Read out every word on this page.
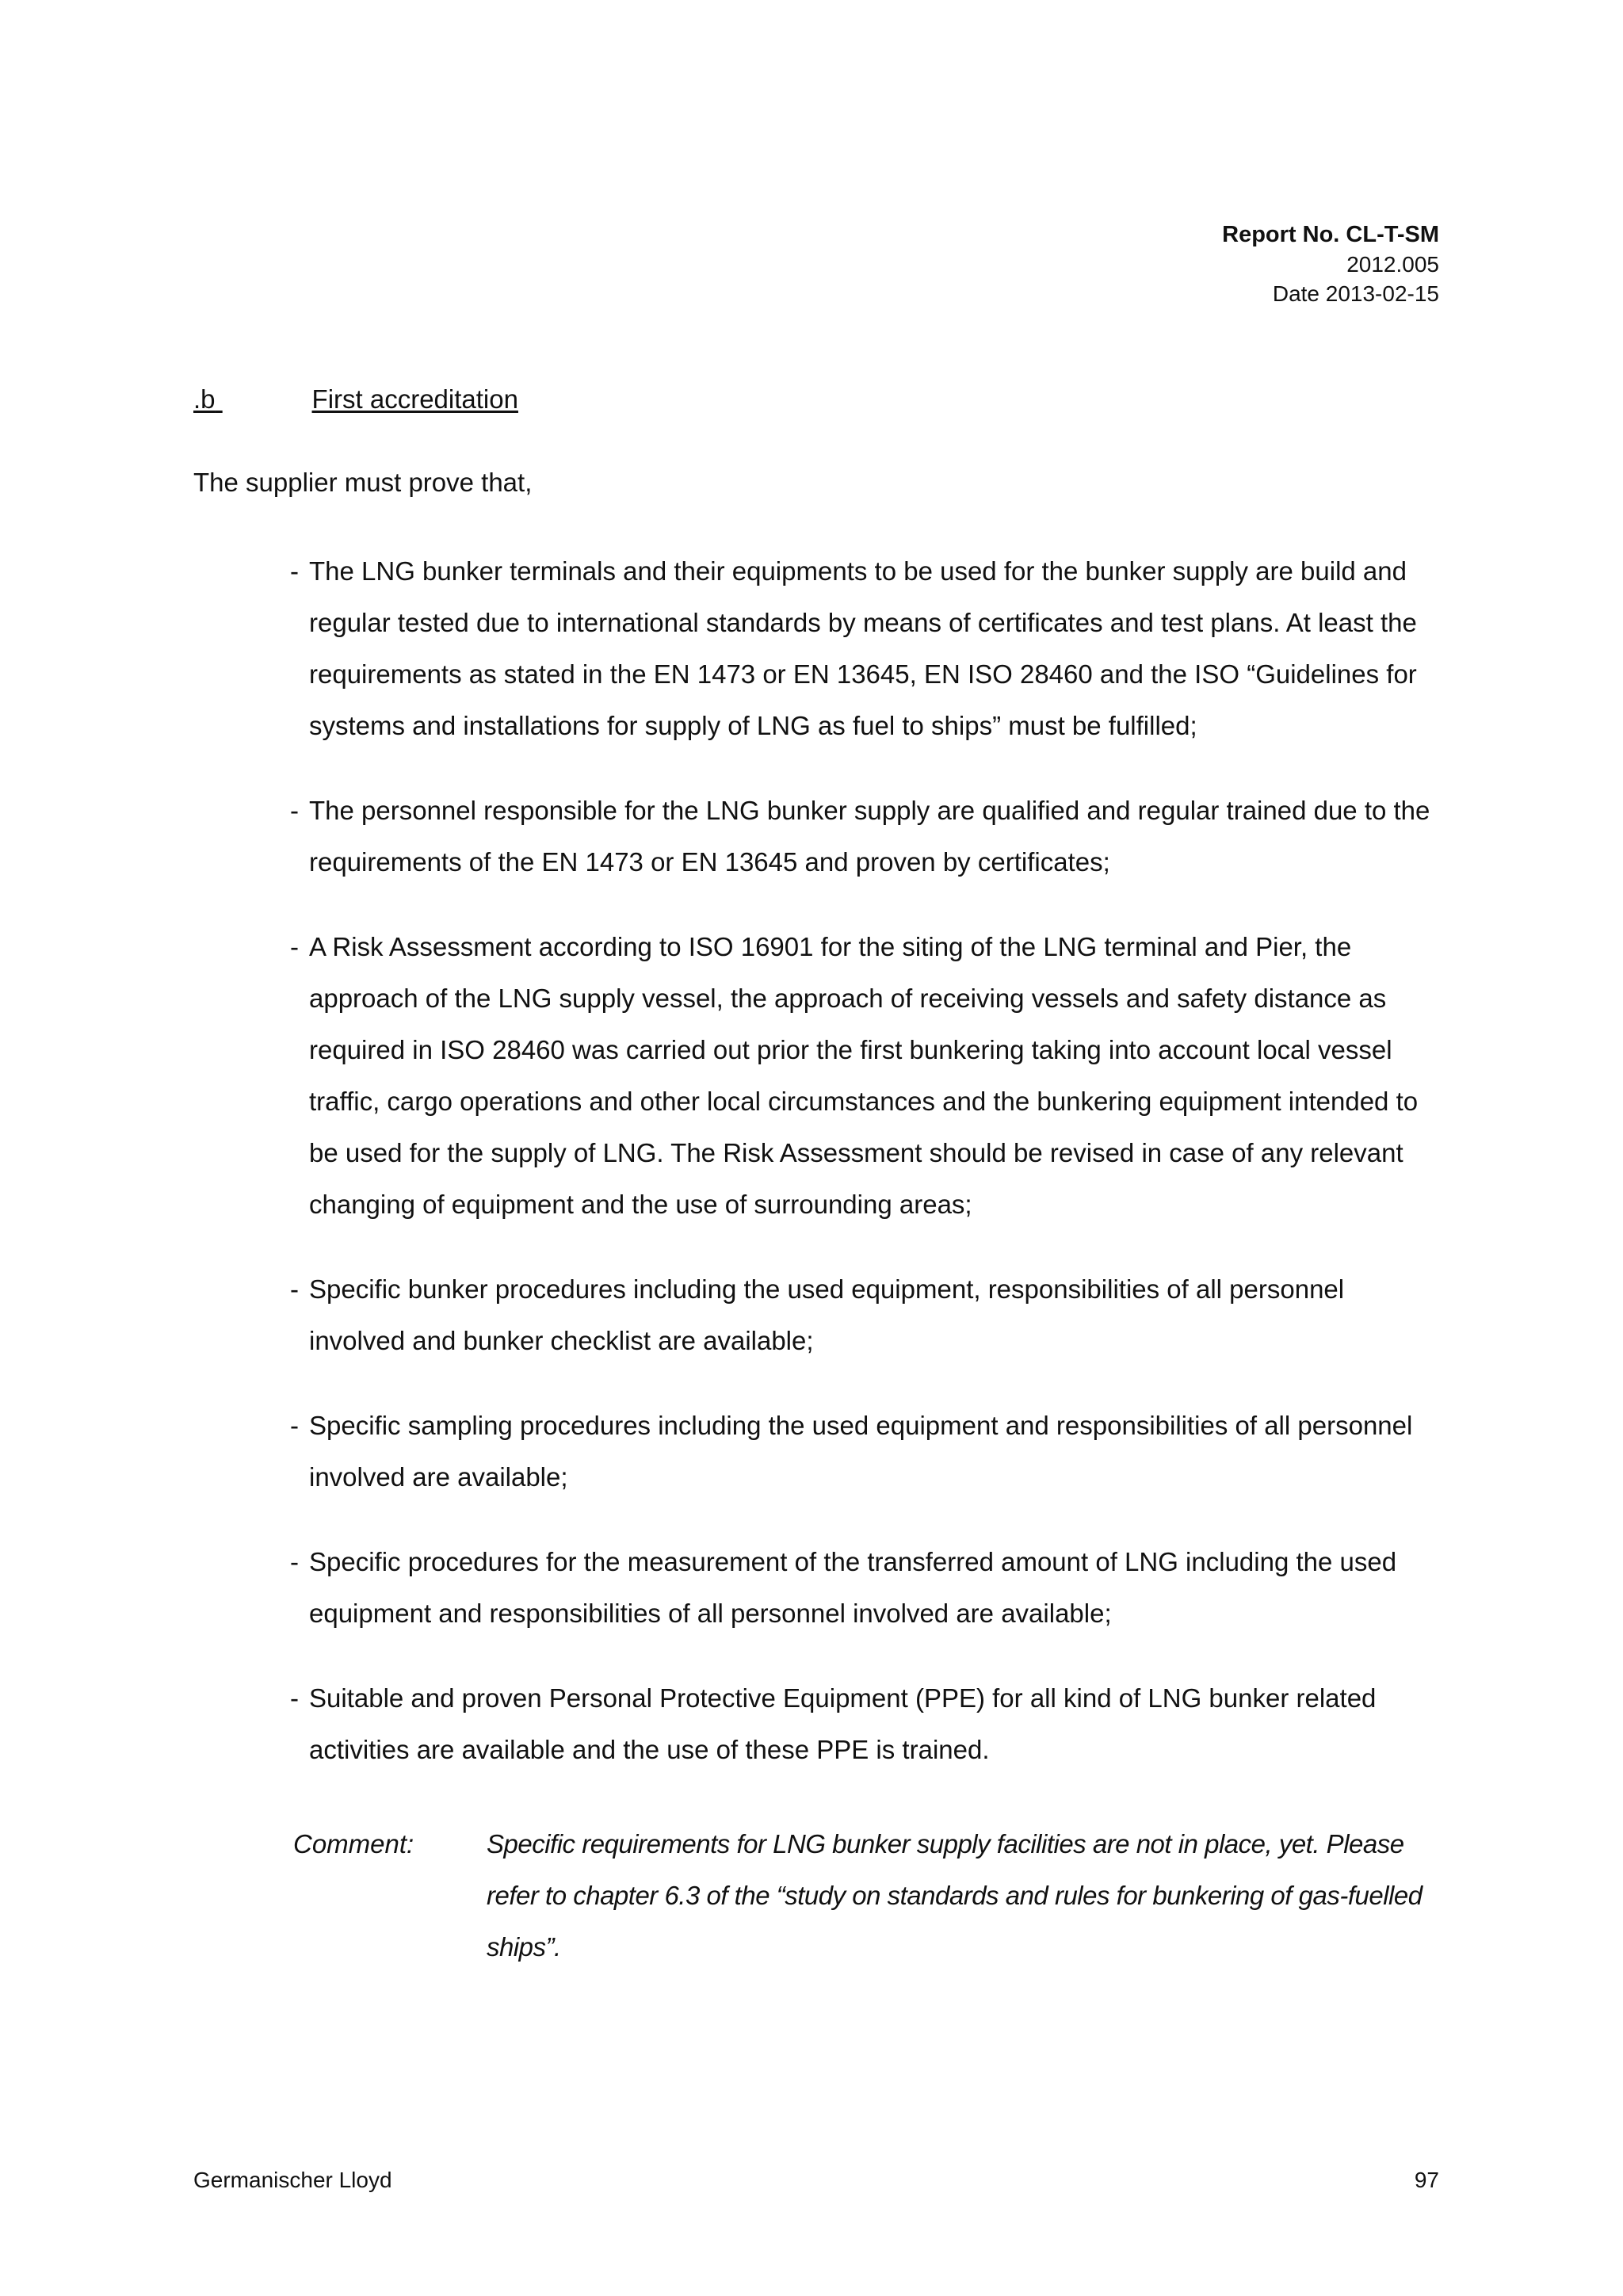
Report No. CL-T-SM
2012.005
Date 2013-02-15
.b	First accreditation
The supplier must prove that,
- The LNG bunker terminals and their equipments to be used for the bunker supply are build and regular tested due to international standards by means of certificates and test plans. At least the requirements as stated in the EN 1473 or EN 13645, EN ISO 28460 and the ISO “Guidelines for systems and installations for supply of LNG as fuel to ships” must be fulfilled;
- The personnel responsible for the LNG bunker supply are qualified and regular trained due to the requirements of the EN 1473 or EN 13645 and proven by certificates;
- A Risk Assessment according to ISO 16901 for the siting of the LNG terminal and Pier, the approach of the LNG supply vessel, the approach of receiving vessels and safety distance as required in ISO 28460 was carried out prior the first bunkering taking into account local vessel traffic, cargo operations and other local circumstances and the bunkering equipment intended to be used for the supply of LNG. The Risk Assessment should be revised in case of any relevant changing of equipment and the use of surrounding areas;
- Specific bunker procedures including the used equipment, responsibilities of all personnel involved and bunker checklist are available;
- Specific sampling procedures including the used equipment and responsibilities of all personnel involved are available;
- Specific procedures for the measurement of the transferred amount of LNG including the used equipment and responsibilities of all personnel involved are available;
- Suitable and proven Personal Protective Equipment (PPE) for all kind of LNG bunker related activities are available and the use of these PPE is trained.
Comment:	Specific requirements for LNG bunker supply facilities are not in place, yet. Please refer to chapter 6.3 of the “study on standards and rules for bunkering of gas-fuelled ships”.
Germanischer Lloyd	97
